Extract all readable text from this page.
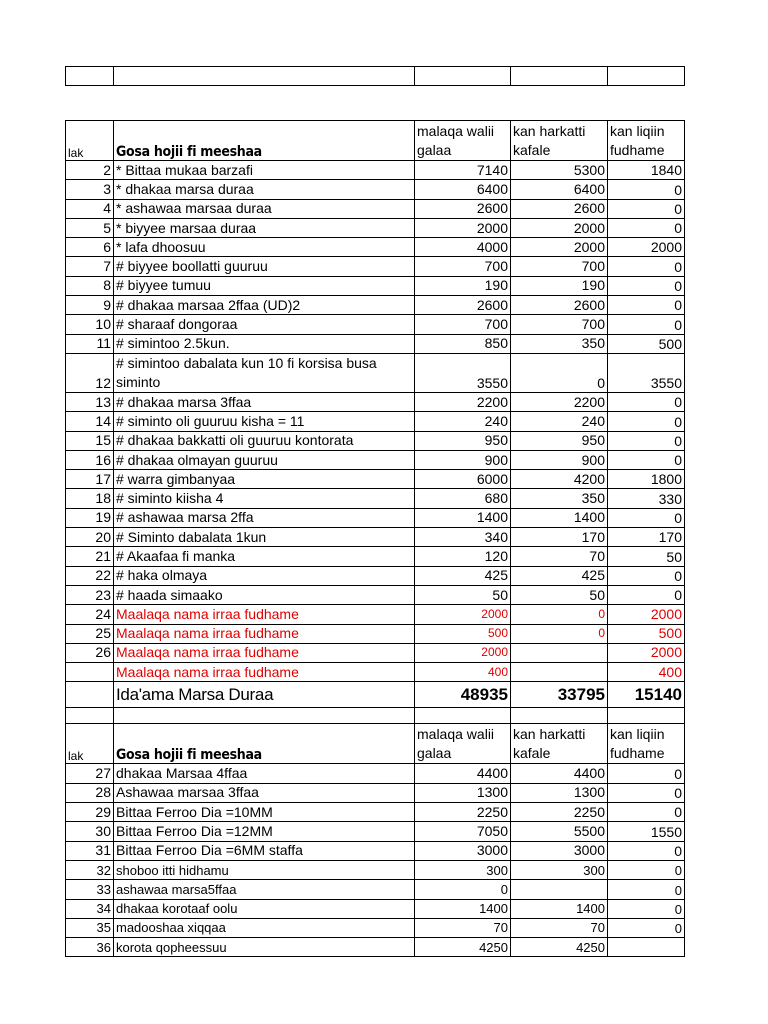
lak	Gosa hojii fi meeshaa	malaqa walii galaa	kan harkatti kafale	kan liqiin fudhame
2	* Bittaa mukaa barzafi	7140	5300	1840
3	* dhakaa marsa duraa	6400	6400	0
4	* ashawaa marsaa duraa	2600	2600	0
5	* biyyee marsaa duraa	2000	2000	0
6	* lafa dhoosuu	4000	2000	2000
7	# biyyee boollatti guuruu	700	700	0
8	# biyyee tumuu	190	190	0
9	# dhakaa marsaa 2ffaa (UD)2	2600	2600	0
10	# sharaaf dongoraa	700	700	0
11	# simintoo 2.5kun.	850	350	500
12	# simintoo dabalata kun 10 fi korsisa busa
siminto	3550	0	3550
13	# dhakaa marsa 3ffaa	2200	2200	0
14	# siminto oli guuruu kisha = 11	240	240	0
15	# dhakaa bakkatti oli guuruu kontorata	950	950	0
16	# dhakaa olmayan guuruu	900	900	0
17	# warra gimbanyaa	6000	4200	1800
18	# siminto kiisha 4	680	350	330
19	# ashawaa marsa 2ffa	1400	1400	0
20	# Siminto dabalata 1kun	340	170	170
21	# Akaafaa fi manka	120	70	50
22	# haka olmaya	425	425	0
23	# haada simaako	50	50	0
24	Maalaqa nama irraa fudhame	2000	0	2000
25	Maalaqa nama irraa fudhame	500	0	500
26	Maalaqa nama irraa fudhame	2000		2000
	Maalaqa nama irraa fudhame	400		400
	Ida'ama Marsa Duraa	48935	33795	15140

lak	Gosa hojii fi meeshaa	malaqa walii galaa	kan harkatti kafale	kan liqiin fudhame
27	dhakaa Marsaa 4ffaa	4400	4400	0
28	Ashawaa marsaa 3ffaa	1300	1300	0
29	Bittaa Ferroo Dia =10MM	2250	2250	0
30	Bittaa Ferroo Dia =12MM	7050	5500	1550
31	Bittaa Ferroo Dia =6MM staffa	3000	3000	0
32	shoboo itti hidhamu	300	300	0
33	ashawaa marsa5ffaa	0		0
34	dhakaa korotaaf oolu	1400	1400	0
35	madooshaa xiqqaa	70	70	0
36	korota qopheessuu	4250	4250	
